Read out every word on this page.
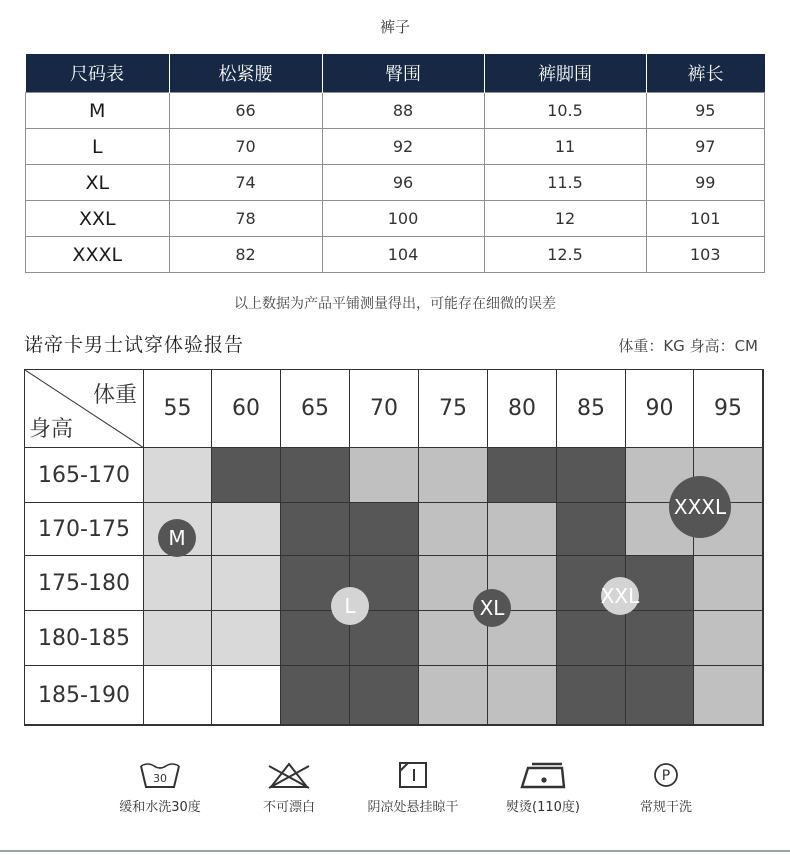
裤子
尺码表	松紧腰	臀围	裤脚围	裤长
M	66	88	10.5	95
L	70	92	11	97
XL	74	96	11.5	99
XXL	78	100	12	101
XXXL	82	104	12.5	103
以上数据为产品平铺测量得出，可能存在细微的误差
诺帝卡男士试穿体验报告	体重：KG 身高：CM
体重
身高
55	60	65	70	75	80	85	90	95
165-170
170-175
175-180
180-185
185-190
M
L	XL	XXL
XXXL
30
缓和水洗30度	不可漂白	阴凉处悬挂晾干	熨烫(110度)
P
常规干洗
